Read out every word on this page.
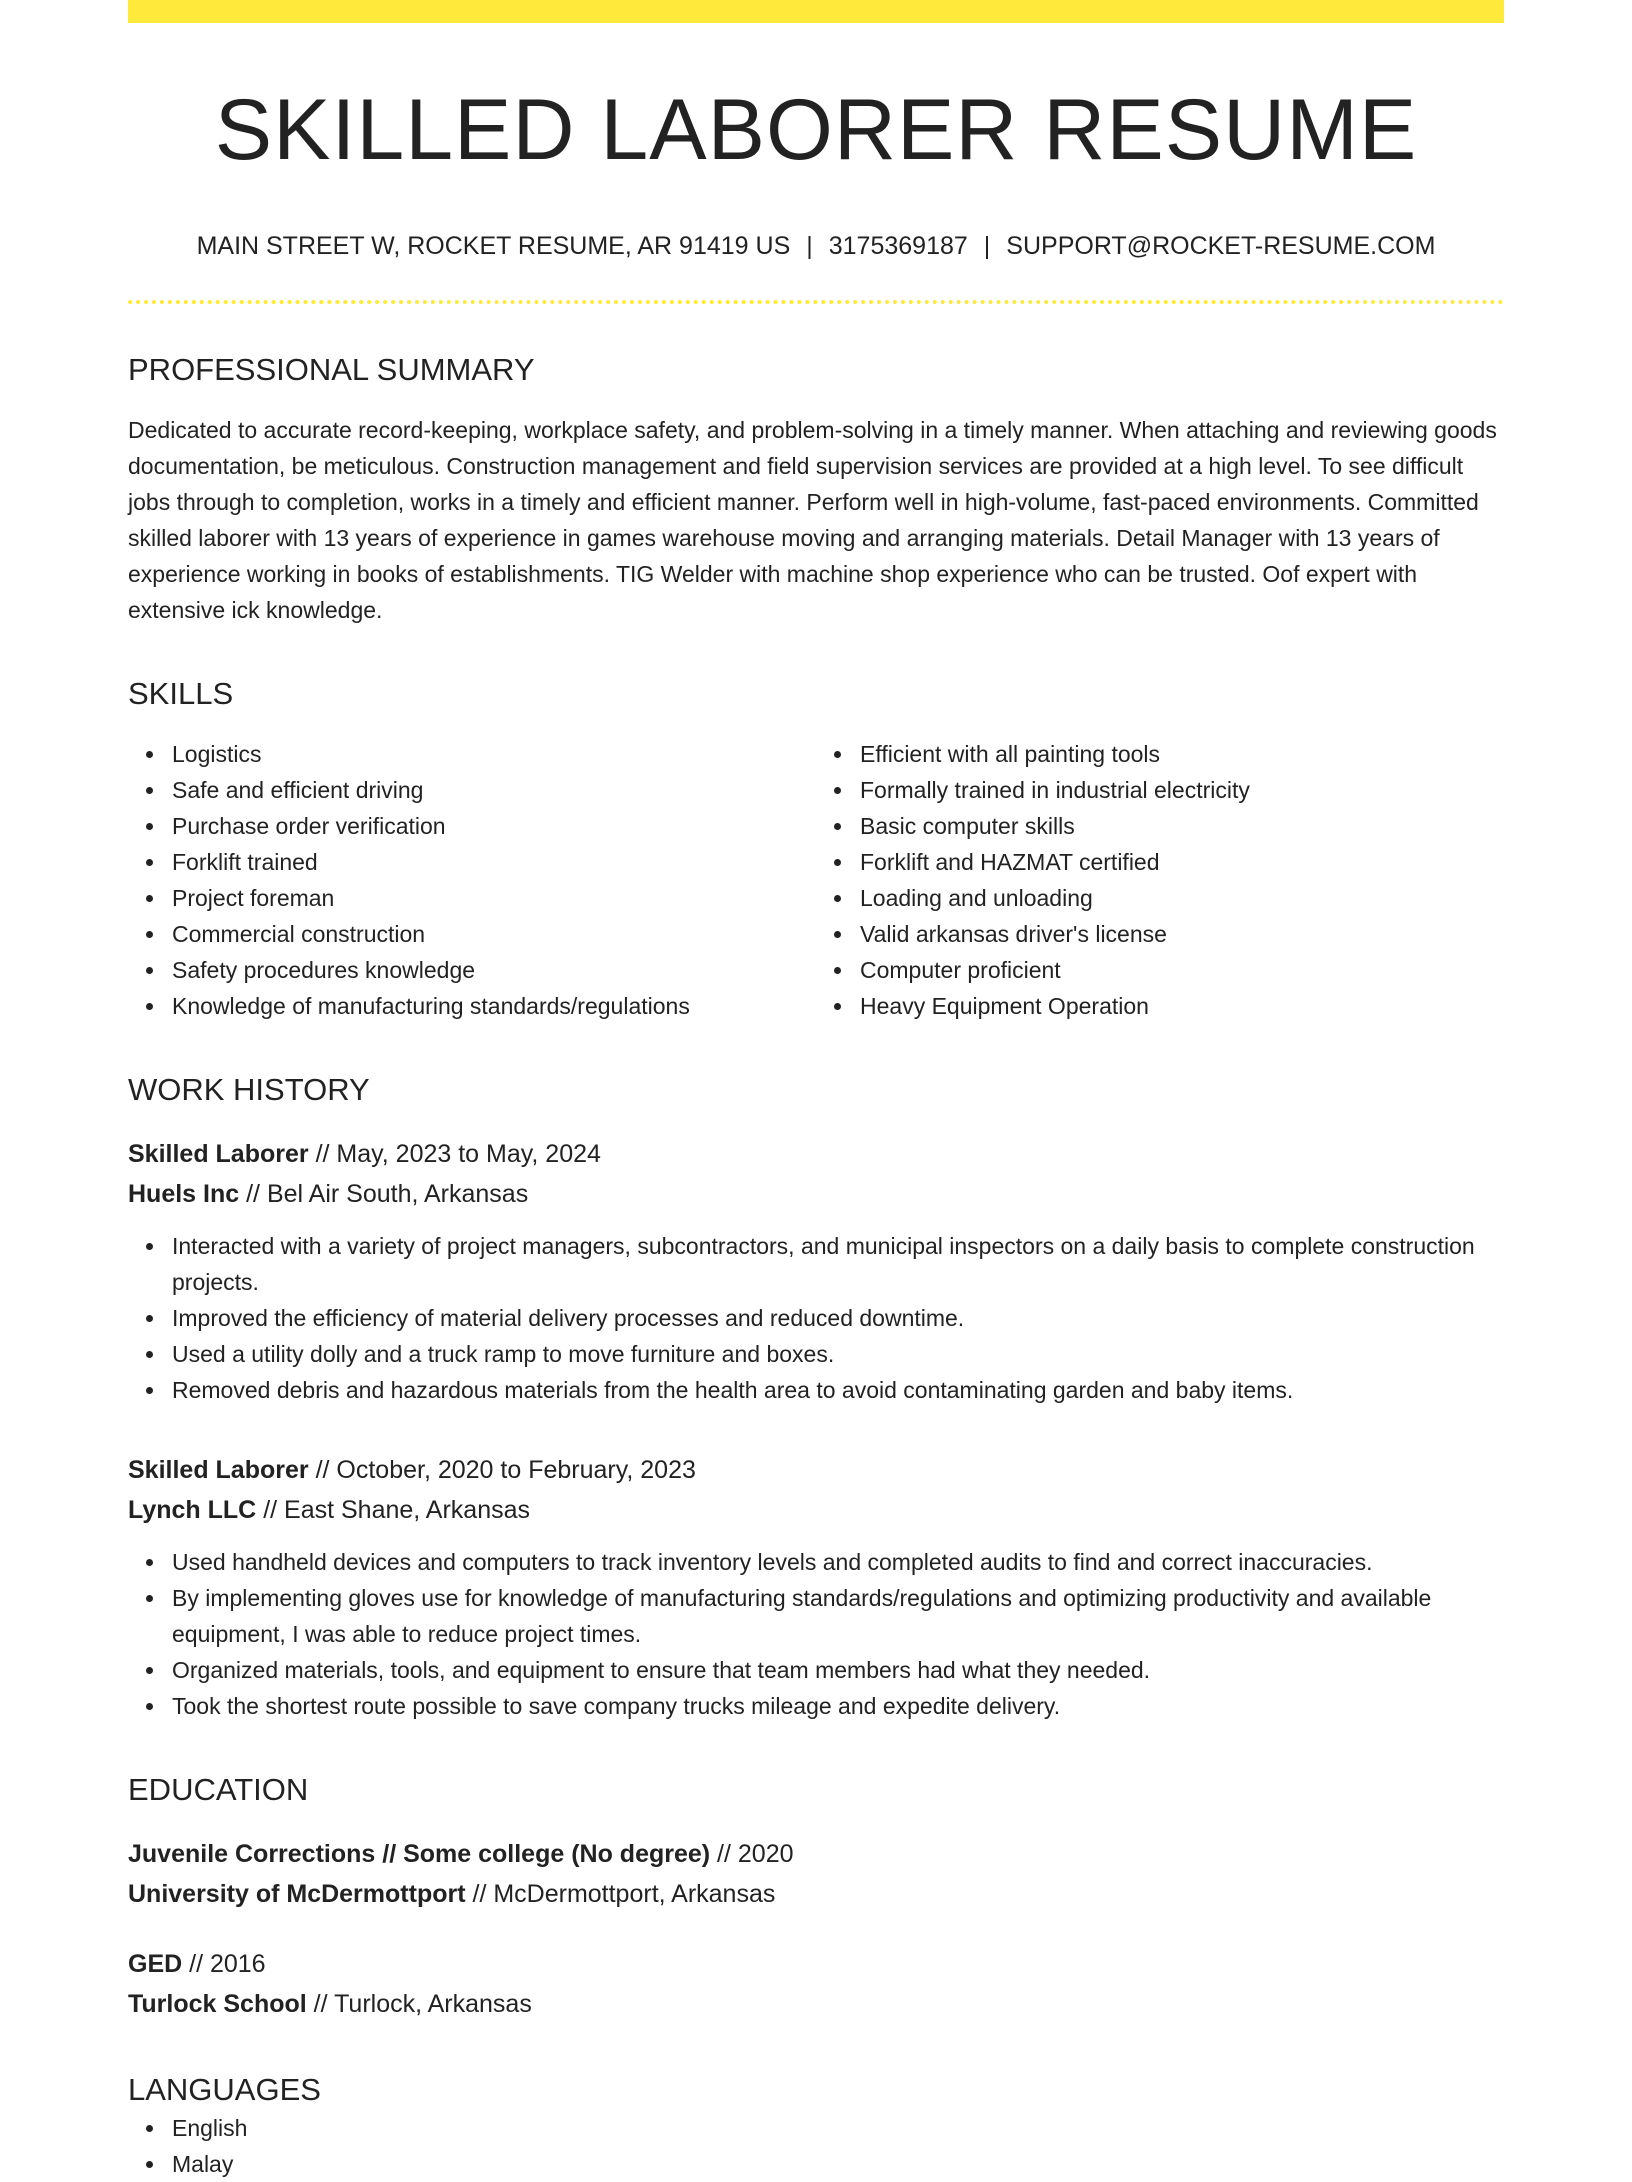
SKILLED LABORER RESUME
MAIN STREET W, ROCKET RESUME, AR 91419 US | 3175369187 | SUPPORT@ROCKET-RESUME.COM
PROFESSIONAL SUMMARY
Dedicated to accurate record-keeping, workplace safety, and problem-solving in a timely manner. When attaching and reviewing goods documentation, be meticulous. Construction management and field supervision services are provided at a high level. To see difficult jobs through to completion, works in a timely and efficient manner. Perform well in high-volume, fast-paced environments. Committed skilled laborer with 13 years of experience in games warehouse moving and arranging materials. Detail Manager with 13 years of experience working in books of establishments. TIG Welder with machine shop experience who can be trusted. Oof expert with extensive ick knowledge.
SKILLS
Logistics
Safe and efficient driving
Purchase order verification
Forklift trained
Project foreman
Commercial construction
Safety procedures knowledge
Knowledge of manufacturing standards/regulations
Efficient with all painting tools
Formally trained in industrial electricity
Basic computer skills
Forklift and HAZMAT certified
Loading and unloading
Valid arkansas driver's license
Computer proficient
Heavy Equipment Operation
WORK HISTORY
Skilled Laborer // May, 2023 to May, 2024
Huels Inc // Bel Air South, Arkansas
Interacted with a variety of project managers, subcontractors, and municipal inspectors on a daily basis to complete construction projects.
Improved the efficiency of material delivery processes and reduced downtime.
Used a utility dolly and a truck ramp to move furniture and boxes.
Removed debris and hazardous materials from the health area to avoid contaminating garden and baby items.
Skilled Laborer // October, 2020 to February, 2023
Lynch LLC // East Shane, Arkansas
Used handheld devices and computers to track inventory levels and completed audits to find and correct inaccuracies.
By implementing gloves use for knowledge of manufacturing standards/regulations and optimizing productivity and available equipment, I was able to reduce project times.
Organized materials, tools, and equipment to ensure that team members had what they needed.
Took the shortest route possible to save company trucks mileage and expedite delivery.
EDUCATION
Juvenile Corrections // Some college (No degree) // 2020
University of McDermottport // McDermottport, Arkansas
GED // 2016
Turlock School // Turlock, Arkansas
LANGUAGES
English
Malay
